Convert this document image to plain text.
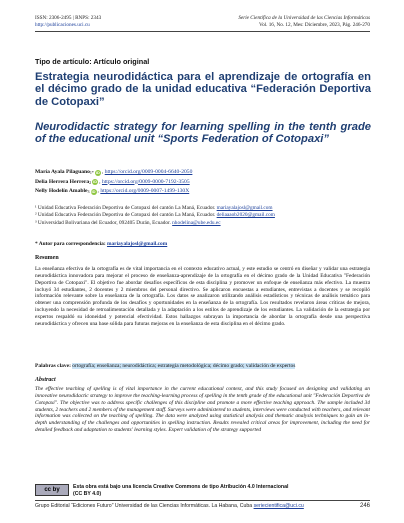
ISSN: 2306-2495 | RNPS: 2343
http://publicaciones.uci.cu
Serie Científica de la Universidad de las Ciencias Informáticas
Vol. 16, No. 12, Mes: Diciembre, 2023, Pág. 246-270
Tipo de artículo: Artículo original
Estrategia neurodidáctica para el aprendizaje de ortografía en el décimo grado de la unidad educativa “Federación Deportiva de Cotopaxi”
Neurodidactic strategy for learning spelling in the tenth grade of the educational unit “Sports Federation of Cotopaxi”
María Ayala Pilaguano 1* iD , https://orcid.org/0009-0004-6640-2050
Delia Herrera Herrera 2 iD , https://orcid.org/0009-0000-7192-3505
Nelly Hodelín Amable 3 iD , https://orcid.org/0009-0007-1499-130X
¹ Unidad Educativa Federación Deportiva de Cotopaxi del cantón La Maná, Ecuador. mariayalajosl@gmail.com
² Unidad Educativa Federación Deportiva de Cotopaxi del cantón La Maná, Ecuador. deliaaaob2020@gmail.com
³ Universidad Bolivariana del Ecuador, 092405 Durán, Ecuador. nhodelina@ube.edu.ec
* Autor para correspondencia: mariayalajosl@gmail.com
Resumen
La enseñanza efectiva de la ortografía es de vital importancia en el contexto educativo actual, y este estudio se centró en diseñar y validar una estrategia neurodidáctica innovadora para mejorar el proceso de enseñanza-aprendizaje de la ortografía en el décimo grado de la Unidad Educativa "Federación Deportiva de Cotopaxi". El objetivo fue abordar desafíos específicos de esta disciplina y promover un enfoque de enseñanza más efectivo. La muestra incluyó 34 estudiantes, 2 docentes y 2 miembros del personal directivo. Se aplicaron encuestas a estudiantes, entrevistas a docentes y se recopiló información relevante sobre la enseñanza de la ortografía. Los datos se analizaron utilizando análisis estadísticos y técnicas de análisis temático para obtener una comprensión profunda de los desafíos y oportunidades en la enseñanza de la ortografía. Los resultados revelaron áreas críticas de mejora, incluyendo la necesidad de retroalimentación detallada y la adaptación a los estilos de aprendizaje de los estudiantes. La validación de la estrategia por expertos respaldó su idoneidad y potencial efectividad. Estos hallazgos subrayan la importancia de abordar la ortografía desde una perspectiva neurodidáctica y ofrecen una base sólida para futuras mejoras en la enseñanza de esta disciplina en el décimo grado.
Palabras clave: ortografía; enseñanza; neurodidáctica; estrategia metodológica; décimo grado; validación de expertos
Abstract
The effective teaching of spelling is of vital importance in the current educational context, and this study focused on designing and validating an innovative neurodidactic strategy to improve the teaching-learning process of spelling in the tenth grade of the educational unit "Federación Deportiva de Cotopaxi". The objective was to address specific challenges of this discipline and promote a more effective teaching approach. The sample included 34 students, 2 teachers and 2 members of the management staff. Surveys were administered to students, interviews were conducted with teachers, and relevant information was collected on the teaching of spelling. The data were analyzed using statistical analysis and thematic analysis techniques to gain an in-depth understanding of the challenges and opportunities in spelling instruction. Results revealed critical areas for improvement, including the need for detailed feedback and adaptation to students' learning styles. Expert validation of the strategy supported
cc by	Esta obra está bajo una licencia Creative Commons de tipo Atribución 4.0 Internacional
(CC BY 4.0)
Grupo Editorial “Ediciones Futuro” Universidad de las Ciencias Informáticas. La Habana, Cuba seriecientifica@uci.cu	246
